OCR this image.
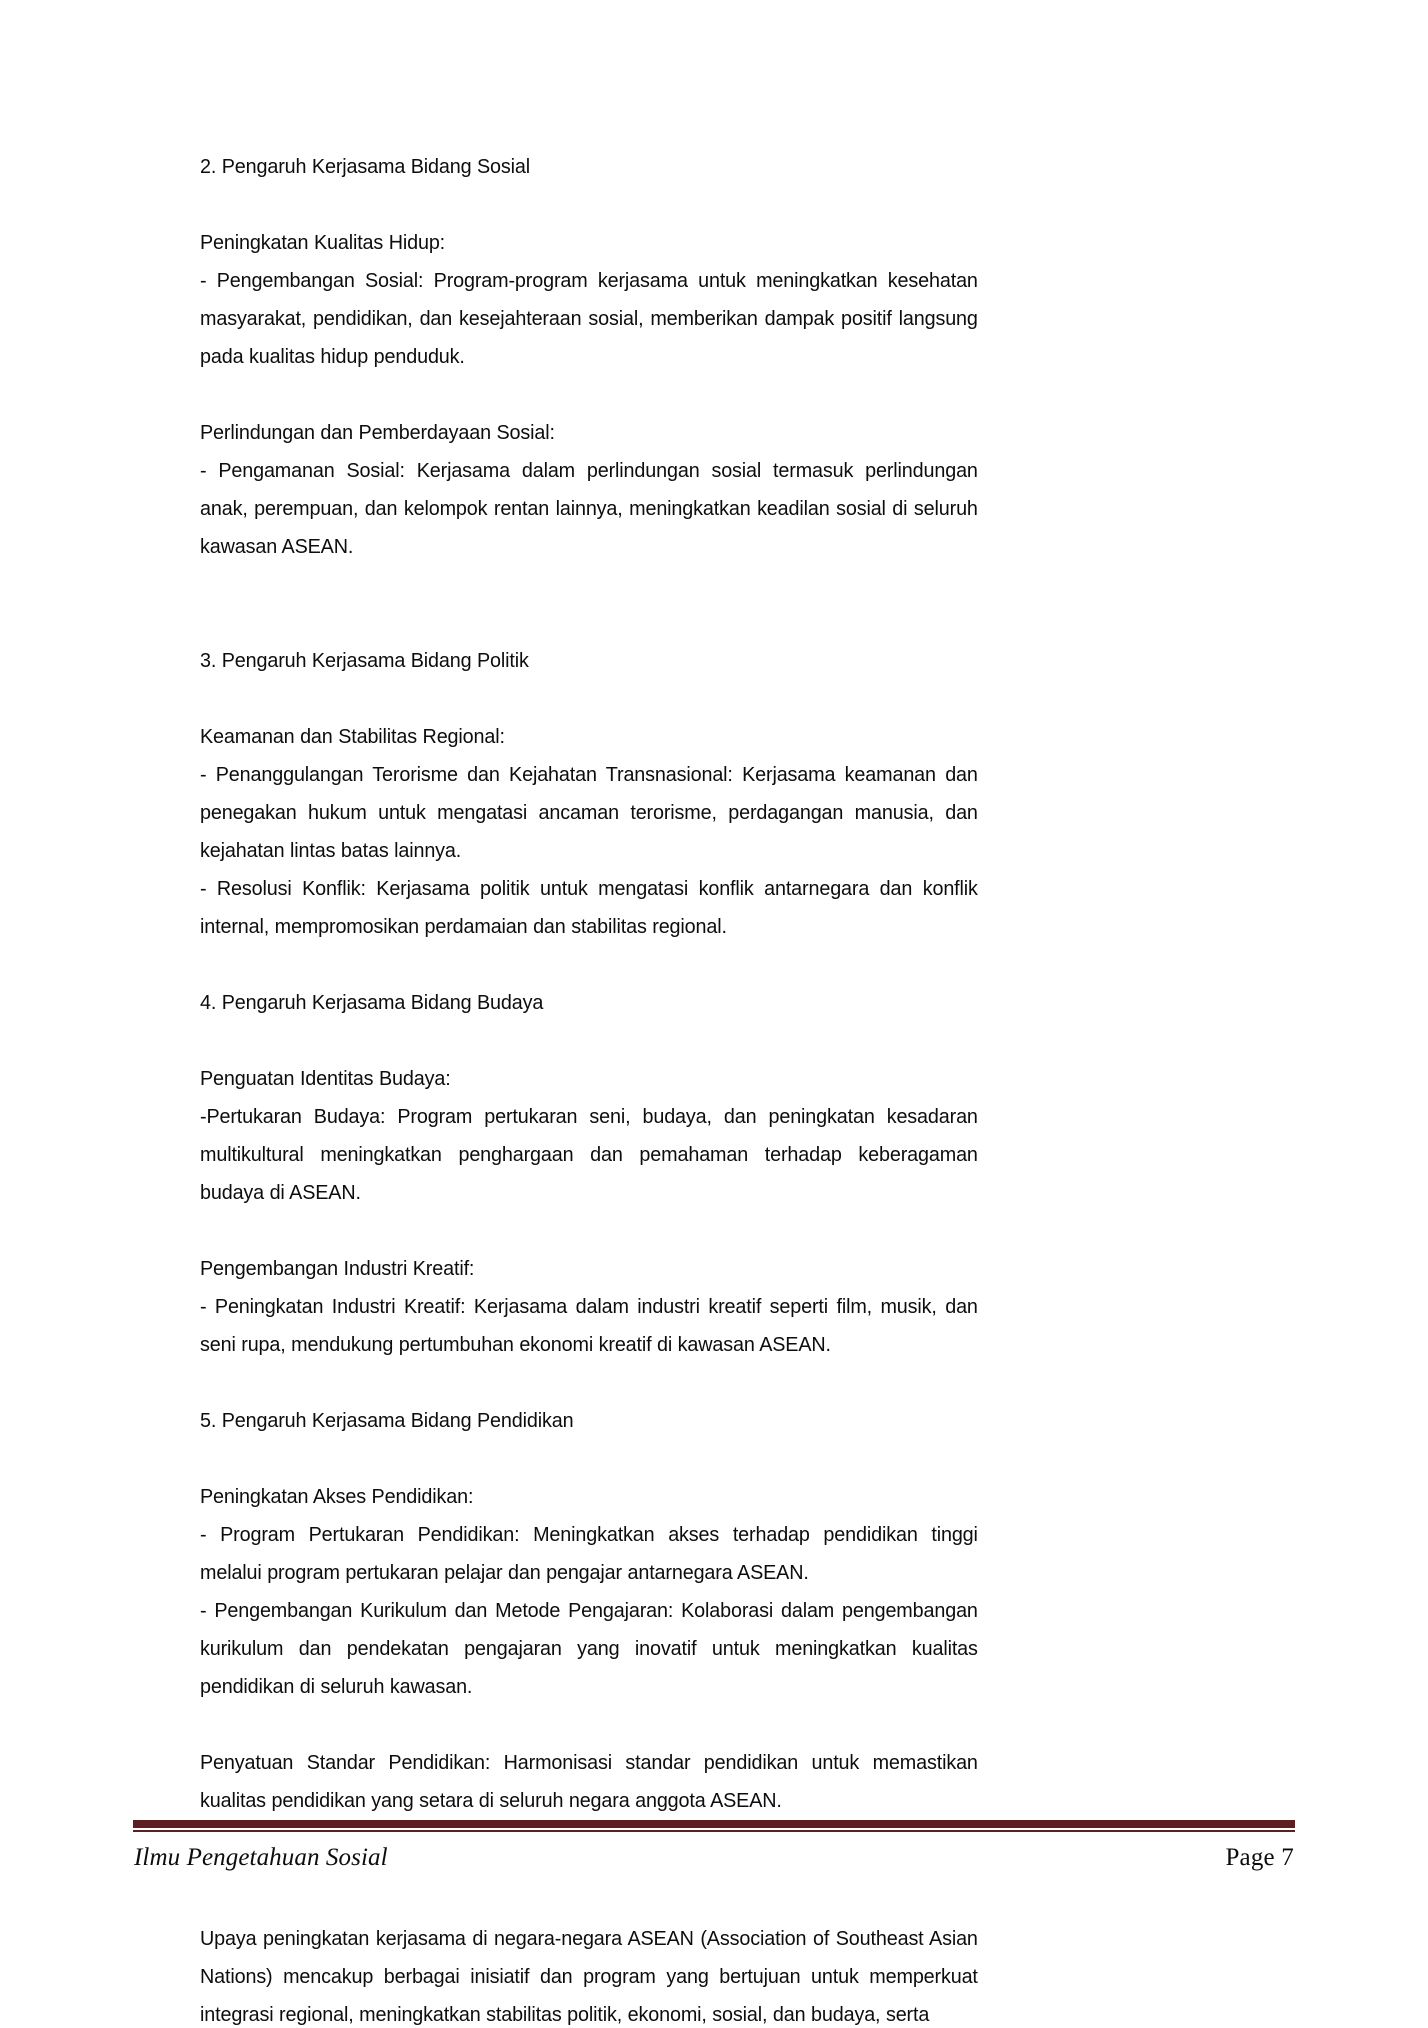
2. Pengaruh Kerjasama Bidang Sosial

Peningkatan Kualitas Hidup:

- Pengembangan Sosial: Program-program kerjasama untuk meningkatkan kesehatan masyarakat, pendidikan, dan kesejahteraan sosial, memberikan dampak positif langsung pada kualitas hidup penduduk.

Perlindungan dan Pemberdayaan Sosial:

- Pengamanan Sosial: Kerjasama dalam perlindungan sosial termasuk perlindungan anak, perempuan, dan kelompok rentan lainnya, meningkatkan keadilan sosial di seluruh kawasan ASEAN.

3. Pengaruh Kerjasama Bidang Politik

Keamanan dan Stabilitas Regional:

- Penanggulangan Terorisme dan Kejahatan Transnasional: Kerjasama keamanan dan penegakan hukum untuk mengatasi ancaman terorisme, perdagangan manusia, dan kejahatan lintas batas lainnya.

- Resolusi Konflik: Kerjasama politik untuk mengatasi konflik antarnegara dan konflik internal, mempromosikan perdamaian dan stabilitas regional.

4. Pengaruh Kerjasama Bidang Budaya

Penguatan Identitas Budaya:

-Pertukaran Budaya: Program pertukaran seni, budaya, dan peningkatan kesadaran multikultural meningkatkan penghargaan dan pemahaman terhadap keberagaman budaya di ASEAN.

Pengembangan Industri Kreatif:

- Peningkatan Industri Kreatif: Kerjasama dalam industri kreatif seperti film, musik, dan seni rupa, mendukung pertumbuhan ekonomi kreatif di kawasan ASEAN.

5. Pengaruh Kerjasama Bidang Pendidikan

Peningkatan Akses Pendidikan:

- Program Pertukaran Pendidikan: Meningkatkan akses terhadap pendidikan tinggi melalui program pertukaran pelajar dan pengajar antarnegara ASEAN.

- Pengembangan Kurikulum dan Metode Pengajaran: Kolaborasi dalam pengembangan kurikulum dan pendekatan pengajaran yang inovatif untuk meningkatkan kualitas pendidikan di seluruh kawasan.

Penyatuan Standar Pendidikan: Harmonisasi standar pendidikan untuk memastikan kualitas pendidikan yang setara di seluruh negara anggota ASEAN.

Upaya peningkatan kerjasama di negara-negara ASEAN (Association of Southeast Asian Nations) mencakup berbagai inisiatif dan program yang bertujuan untuk memperkuat integrasi regional, meningkatkan stabilitas politik, ekonomi, sosial, dan budaya, serta

Ilmu Pengetahuan Sosial	Page 7
